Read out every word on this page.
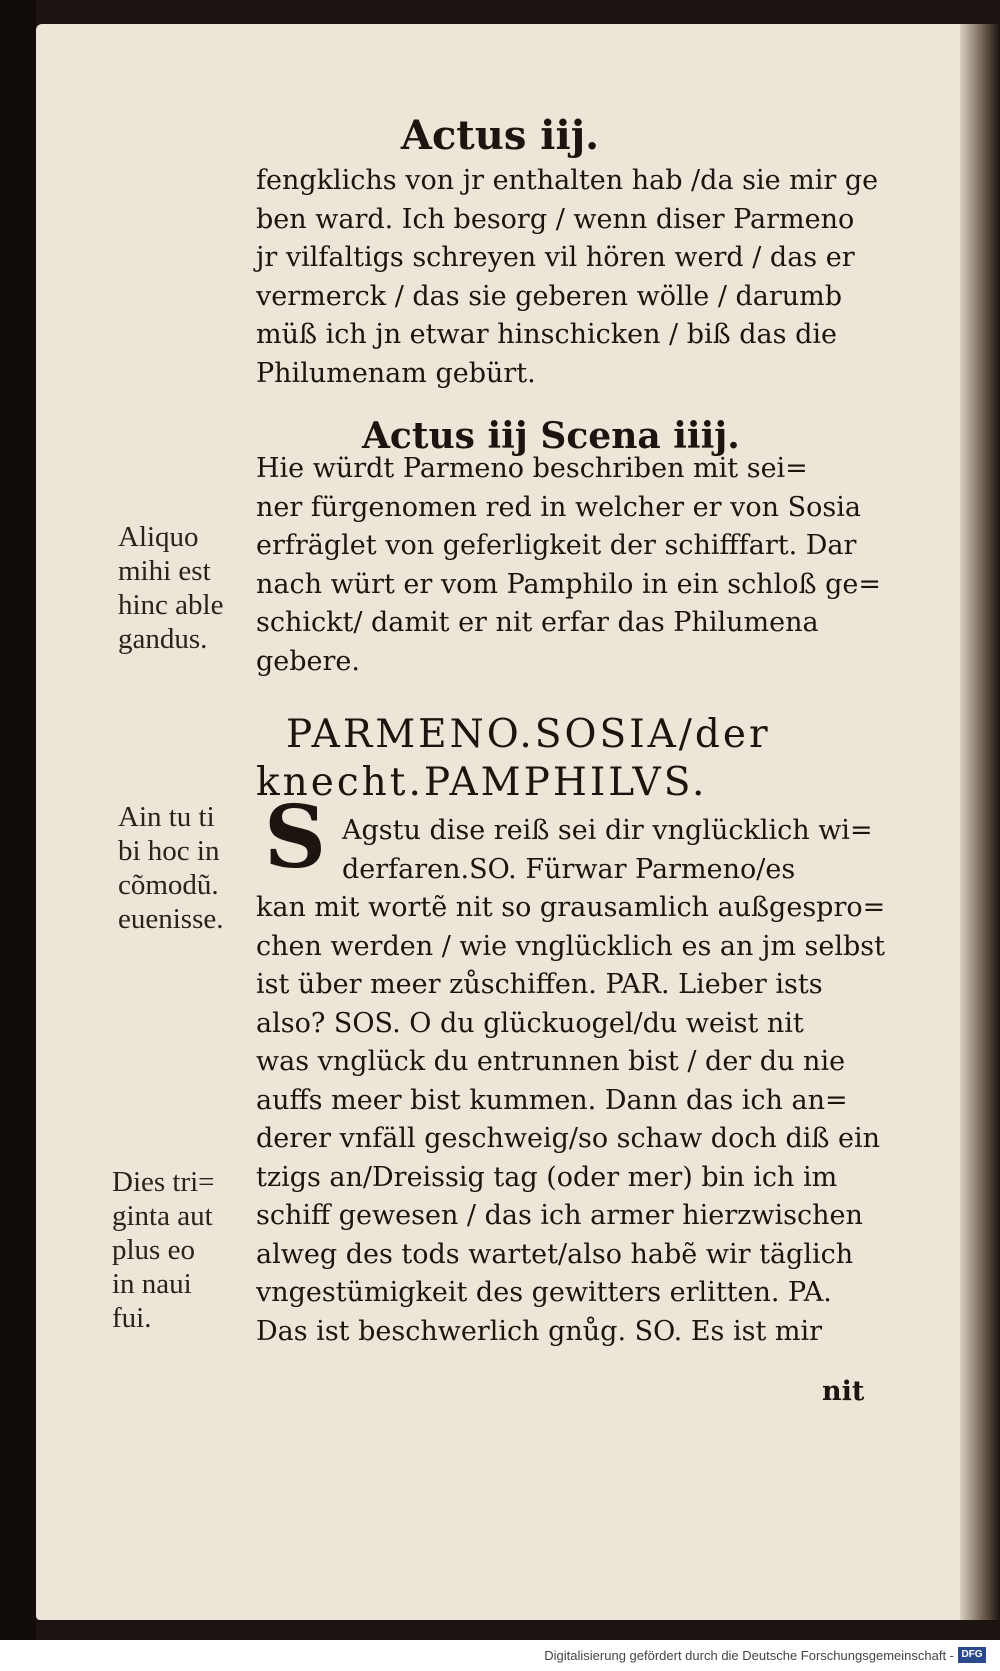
Actus iij.
fengklichs von jr enthalten hab /da sie mir ge
ben ward. Ich besorg / wenn diser Parmeno
jr vilfaltigs schreyen vil hören werd / das er
vermerck / das sie geberen wölle / darumb
müß ich jn etwar hinschicken / biß das die
Philumenam gebürt.
Actus iij Scena iiij.
Hie würdt Parmeno beschriben mit sei=
ner fürgenomen red in welcher er von Sosia
erfräglet von geferligkeit der schifffart. Dar
nach würt er vom Pamphilo in ein schloß ge=
schickt/ damit er nit erfar das Philumena
gebere.
PARMENO.SOSIA/der
knecht.PAMPHILVS.
S Agstu dise reiß sei dir vnglücklich wi=
derfaren.SO. Fürwar Parmeno/es
kan mit wortẽ nit so grausamlich außgespro=
chen werden / wie vnglücklich es an jm selbst
ist über meer zůschiffen. PAR. Lieber ists
also? SOS. O du glückuogel/du weist nit
was vnglück du entrunnen bist / der du nie
auffs meer bist kummen. Dann das ich an=
derer vnfäll geschweig/so schaw doch diß ein
tzigs an/Dreissig tag (oder mer) bin ich im
schiff gewesen / das ich armer hierzwischen
alweg des tods wartet/also habẽ wir täglich
vngestümigkeit des gewitters erlitten. PA.
Das ist beschwerlich gnůg. SO. Es ist mir
nit
Aliquo
mihi est
hinc able
gandus.
Ain tu ti
bi hoc in
cõmodũ.
euenisse.
Dies tri=
ginta aut
plus eo
in naui
fui.
Digitalisierung gefördert durch die Deutsche Forschungsgemeinschaft - DFG
